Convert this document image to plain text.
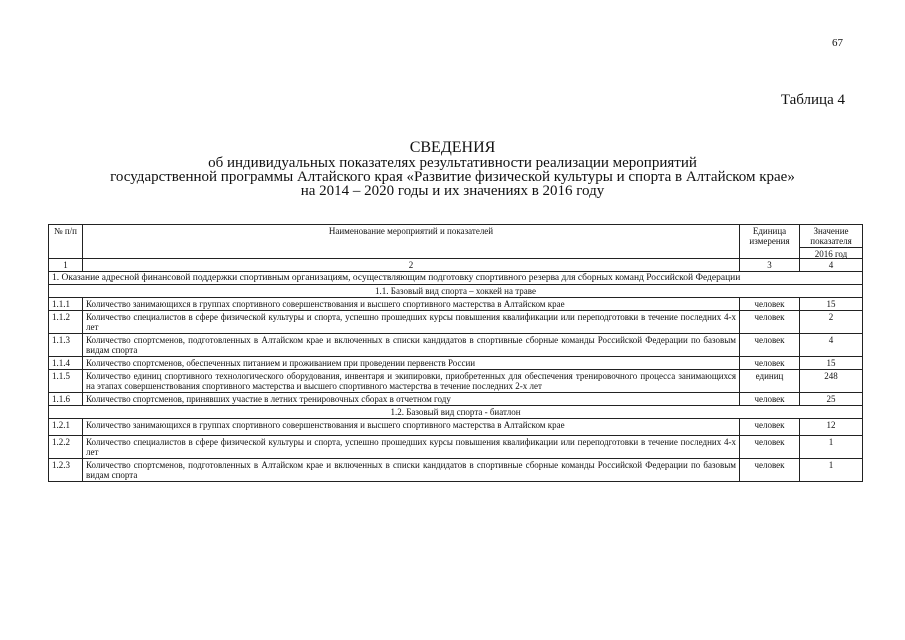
67
Таблица 4
СВЕДЕНИЯ
об индивидуальных показателях результативности реализации мероприятий
государственной программы Алтайского края «Развитие физической культуры и спорта в Алтайском крае»
на 2014 – 2020 годы и их значениях в 2016 году
№ п/п	Наименование мероприятий и показателей	Единица измерения	Значение показателя
2016 год

1	2	3	4
1. Оказание адресной финансовой поддержки спортивным организациям, осуществляющим подготовку спортивного резерва для сборных команд Российской Федерации			
1.1. Базовый вид спорта – хоккей на траве			
1.1.1	Количество занимающихся в группах спортивного совершенствования и высшего спортивного мастерства в Алтайском крае	человек	15
1.1.2	Количество специалистов в сфере физической культуры и спорта, успешно прошедших курсы повышения квалификации или переподготовки в течение последних 4-х лет	человек	2
1.1.3	Количество спортсменов, подготовленных в Алтайском крае и включенных в списки кандидатов в спортивные сборные команды Российской Федерации по базовым видам спорта	человек	4
1.1.4	Количество спортсменов, обеспеченных питанием и проживанием при проведении первенств России	человек	15
1.1.5	Количество единиц спортивного технологического оборудования, инвентаря и экипировки, приобретенных для обеспечения тренировочного процесса занимающихся на этапах совершенствования спортивного мастерства и высшего спортивного мастерства в течение последних 2-х лет	единиц	248
1.1.6	Количество спортсменов, принявших участие в летних тренировочных сборах в отчетном году	человек	25
1.2. Базовый вид спорта - биатлон			
1.2.1	Количество занимающихся в группах спортивного совершенствования и высшего спортивного мастерства в Алтайском крае	человек	12
1.2.2	Количество специалистов в сфере физической культуры и спорта, успешно прошедших курсы повышения квалификации или переподготовки в течение последних 4-х лет	человек	1
1.2.3	Количество спортсменов, подготовленных в Алтайском крае и включенных в списки кандидатов в спортивные сборные команды Российской Федерации по базовым видам спорта	человек	1
